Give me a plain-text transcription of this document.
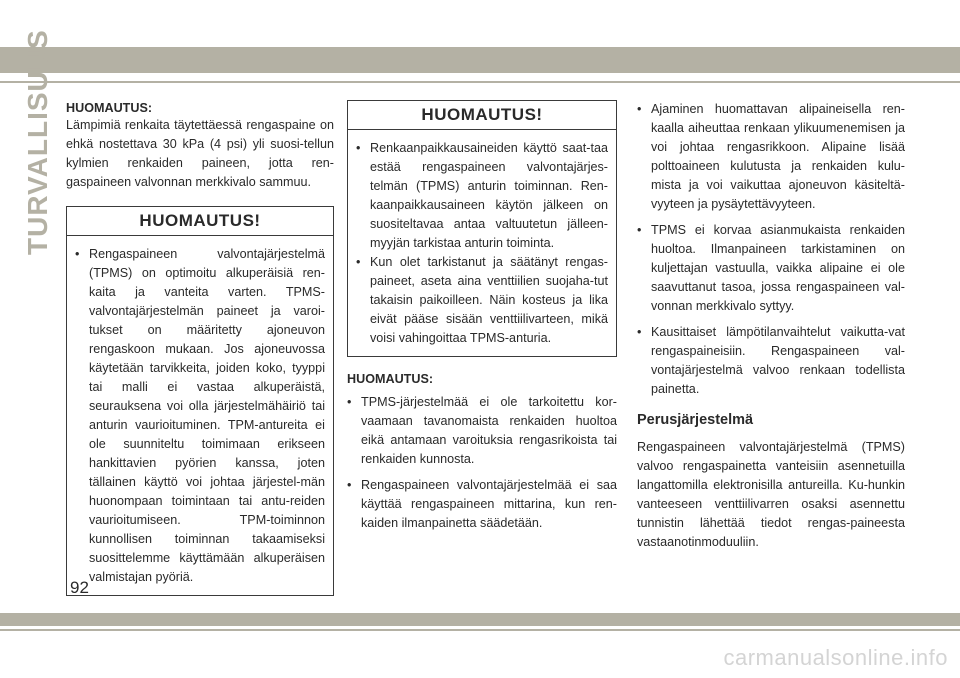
TURVALLISUUS HUOMAUTUS:

Lämpimiä renkaita täytettäessä rengaspaine on ehkä nostettava 30 kPa (4 psi) yli suosi-tellun kylmien renkaiden paineen, jotta ren-gaspaineen valvonnan merkkivalo sammuu.

HUOMAUTUS!
• Rengaspaineen valvontajärjestelmä (TPMS) on optimoitu alkuperäisiä ren-kaita ja vanteita varten. TPMS-valvontajärjestelmän paineet ja varoi-tukset on määritetty ajoneuvon rengaskoon mukaan. Jos ajoneuvossa käytetään tarvikkeita, joiden koko, tyyppi tai malli ei vastaa alkuperäistä, seurauksena voi olla järjestelmähäiriö tai anturin vaurioituminen. TPM-antureita ei ole suunniteltu toimimaan erikseen hankittavien pyörien kanssa, joten tällainen käyttö voi johtaa järjestel-män huonompaan toimintaan tai antu-reiden vaurioitumiseen. TPM-toiminnon kunnollisen toiminnan takaamiseksi suosittelemme käyttämään alkuperäisen valmistajan pyöriä.
HUOMAUTUS!
• Renkaanpaikkausaineiden käyttö saat-taa estää rengaspaineen valvontajärjes-telmän (TPMS) anturin toiminnan. Ren-kaanpaikkausaineen käytön jälkeen on suositeltavaa antaa valtuutetun jälleen-myyjän tarkistaa anturin toiminta.
• Kun olet tarkistanut ja säätänyt rengas-paineet, aseta aina venttiilien suojaha-tut takaisin paikoilleen. Näin kosteus ja lika eivät pääse sisään venttiilivarteen, mikä voisi vahingoittaa TPMS-anturia.

HUOMAUTUS:

• TPMS-järjestelmää ei ole tarkoitettu kor-vaamaan tavanomaista renkaiden huoltoa eikä antamaan varoituksia rengasrikoista tai renkaiden kunnosta.
• Rengaspaineen valvontajärjestelmää ei saa käyttää rengaspaineen mittarina, kun ren-kaiden ilmanpainetta säädetään.
• Ajaminen huomattavan alipaineisella ren-kaalla aiheuttaa renkaan ylikuumenemisen ja voi johtaa rengasrikkoon. Alipaine lisää polttoaineen kulutusta ja renkaiden kulu-mista ja voi vaikuttaa ajoneuvon käsiteltä-vyyteen ja pysäytettävyyteen.
• TPMS ei korvaa asianmukaista renkaiden huoltoa. Ilmanpaineen tarkistaminen on kuljettajan vastuulla, vaikka alipaine ei ole saavuttanut tasoa, jossa rengaspaineen val-vonnan merkkivalo syttyy.
• Kausittaiset lämpötilanvaihtelut vaikutta-vat rengaspaineisiin. Rengaspaineen val-vontajärjestelmä valvoo renkaan todellista painetta.

Perusjärjestelmä

Rengaspaineen valvontajärjestelmä (TPMS) valvoo rengaspainetta vanteisiin asennetuilla langattomilla elektronisilla antureilla. Ku-hunkin vanteeseen venttiilivarren osaksi asennettu tunnistin lähettää tiedot rengas-paineesta vastaanotinmoduuliin.

92
carmanualsonline.info
